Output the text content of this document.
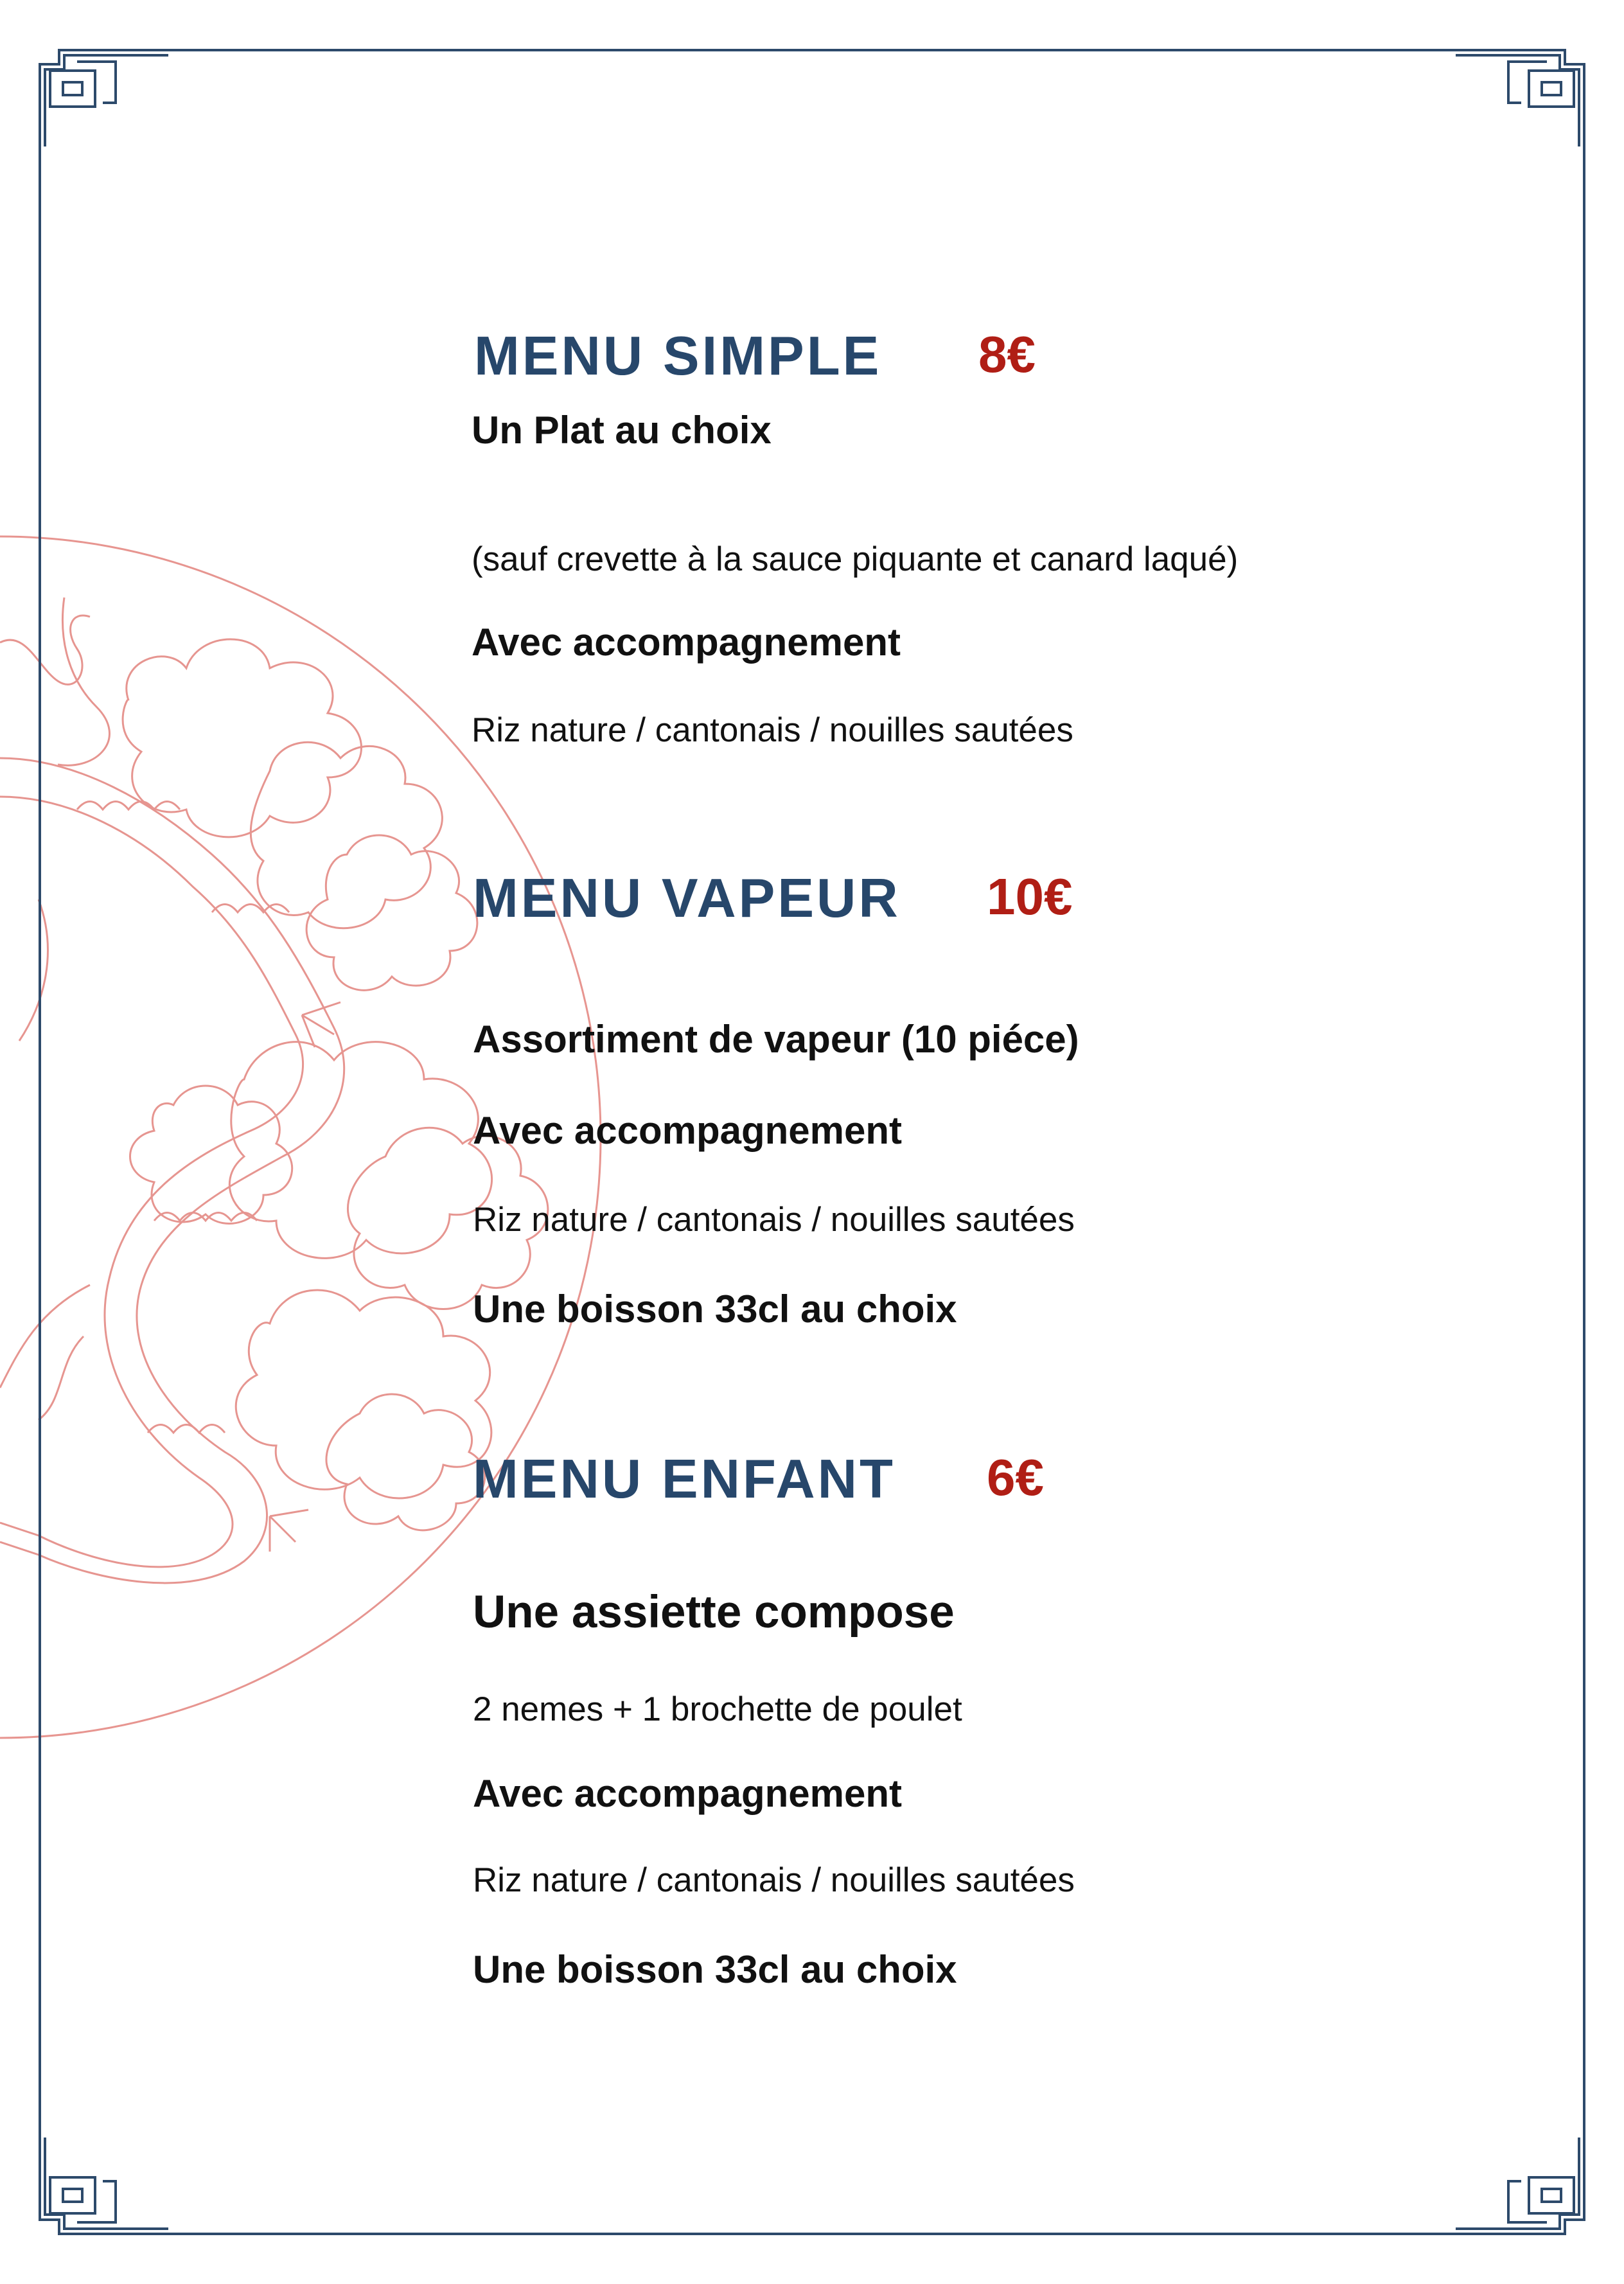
MENU SIMPLE 8€

Un Plat au choix

(sauf crevette à la sauce piquante et canard laqué)

Avec accompagnement

Riz nature / cantonais / nouilles sautées

MENU VAPEUR 10€

Assortiment de vapeur (10 piéce)

Avec accompagnement

Riz nature / cantonais / nouilles sautées

Une boisson 33cl au choix

MENU ENFANT 6€

Une assiette compose

2 nemes + 1 brochette de poulet

Avec accompagnement

Riz nature / cantonais / nouilles sautées

Une boisson 33cl au choix
